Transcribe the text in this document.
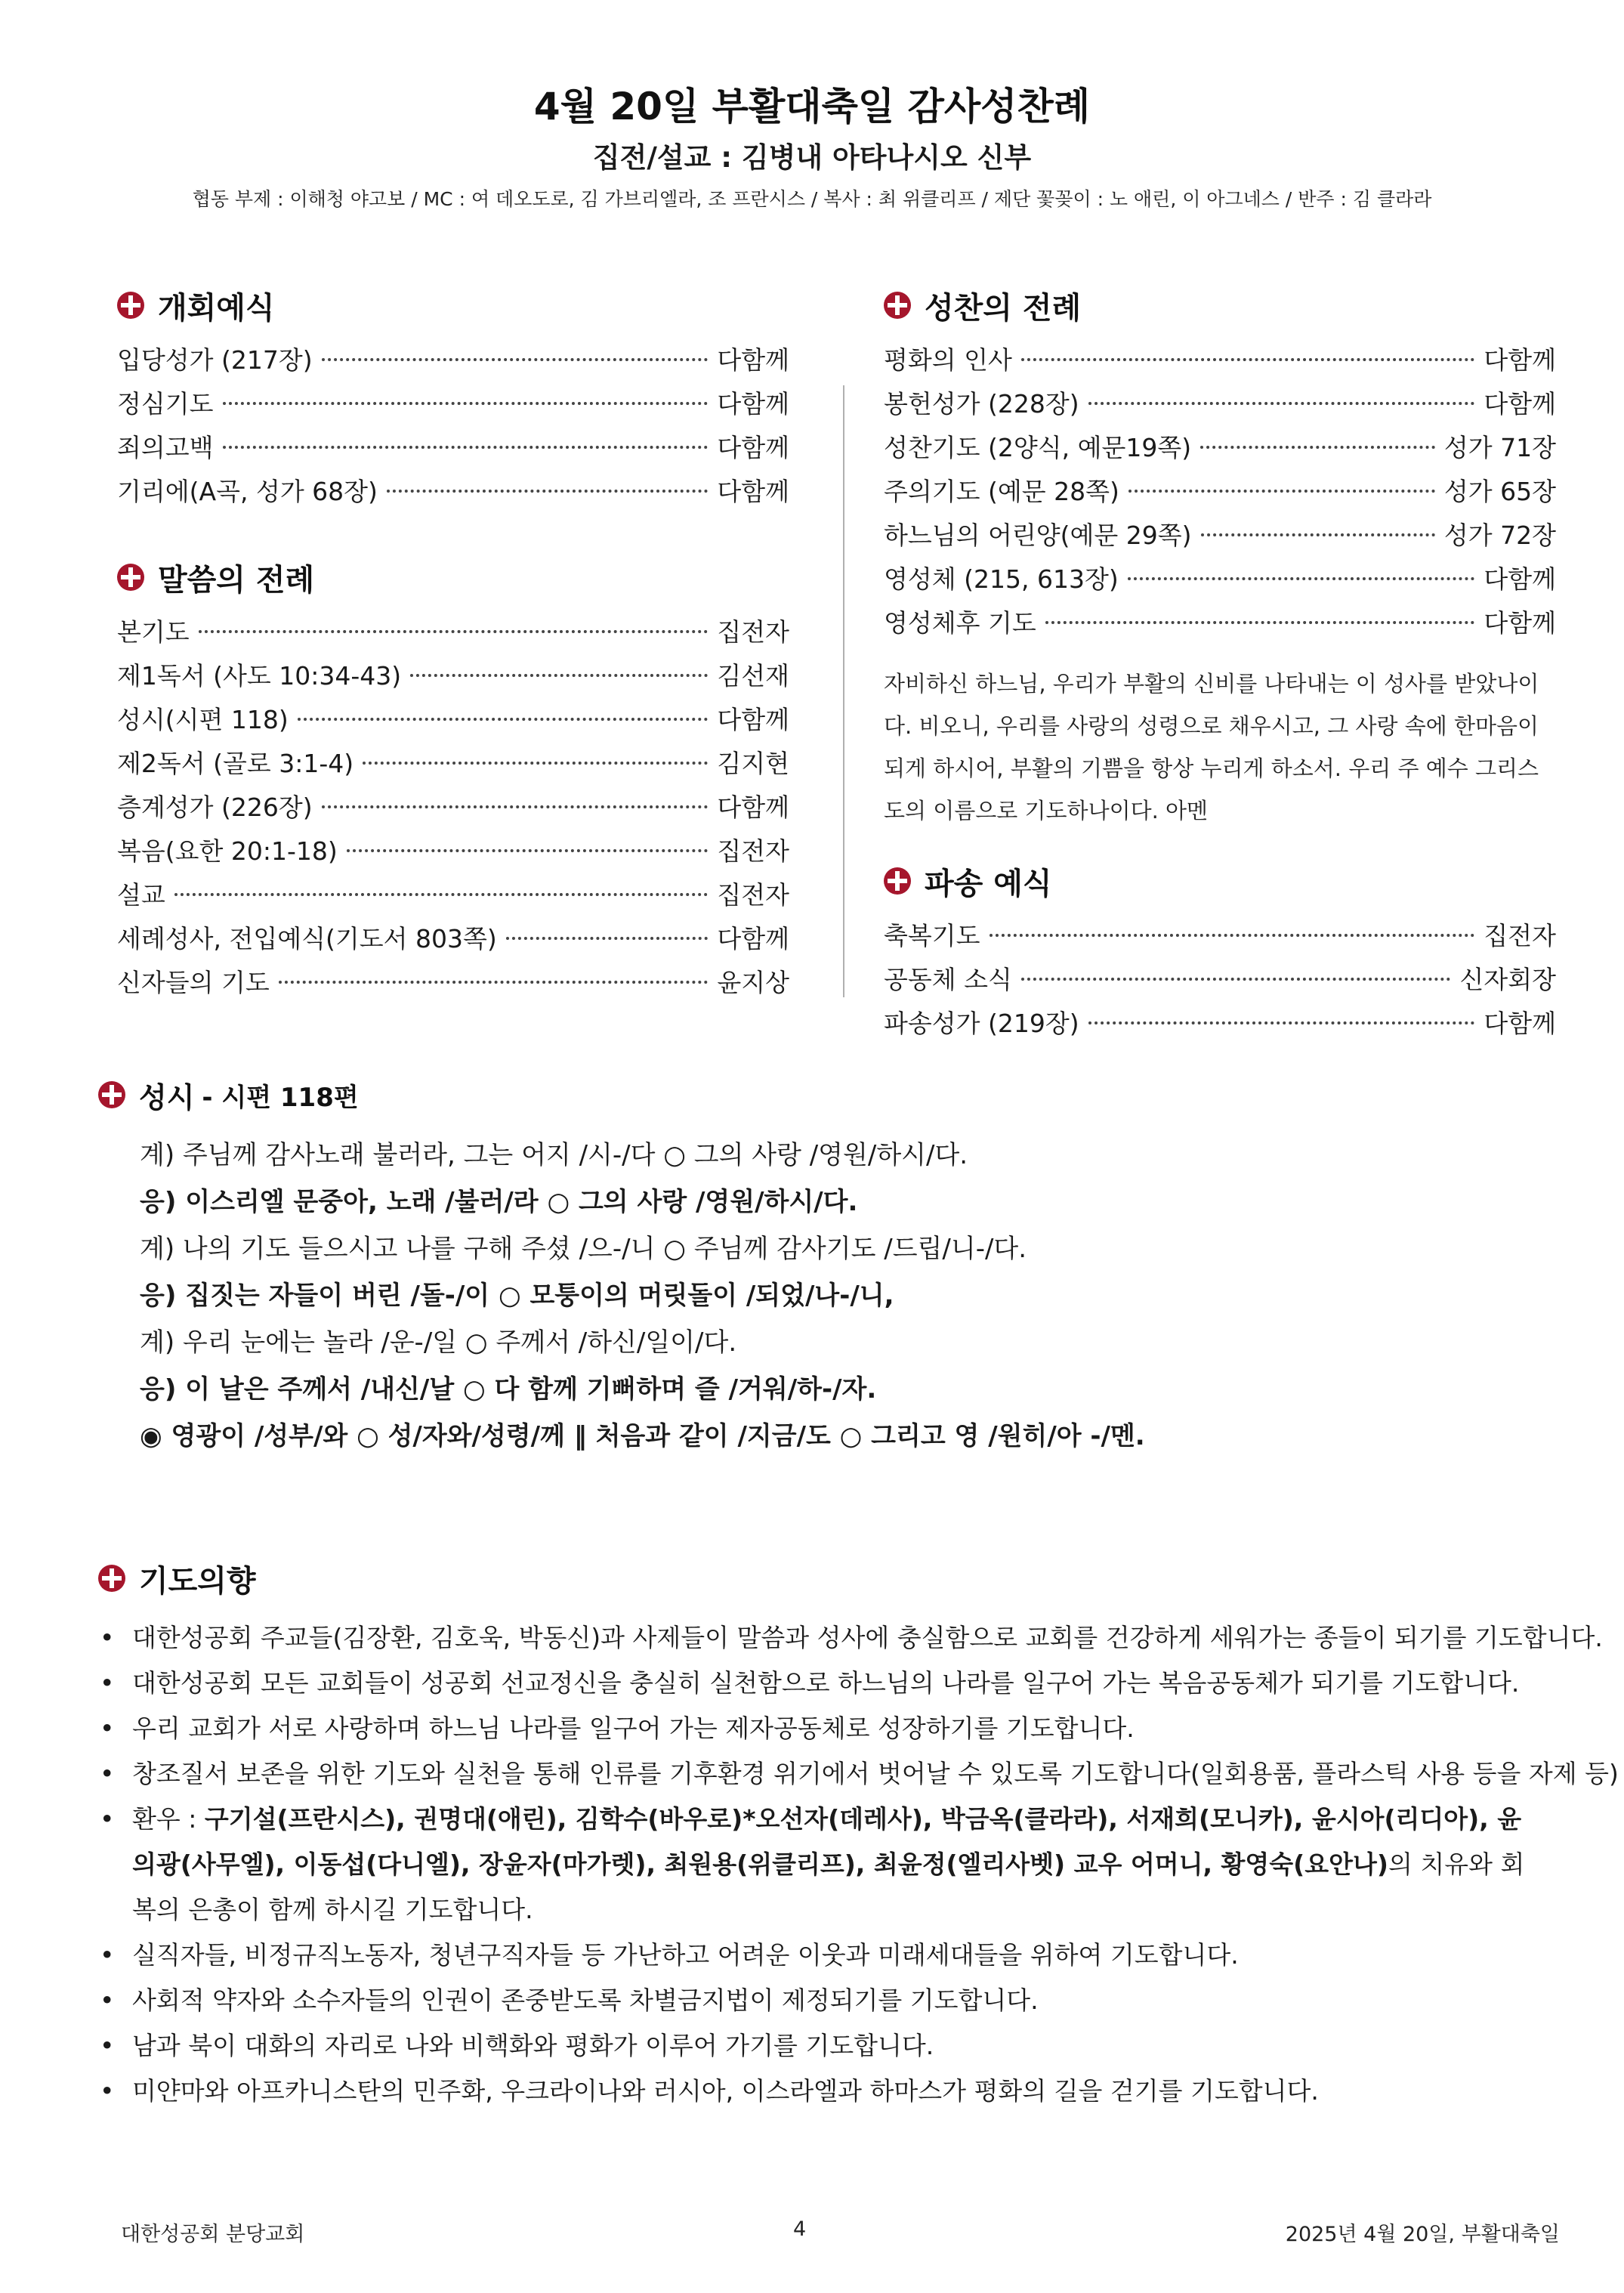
4월 20일 부활대축일 감사성찬례
집전/설교 : 김병내 아타나시오 신부
협동 부제 : 이해청 야고보 / MC : 여 데오도로, 김 가브리엘라, 조 프란시스 / 복사 : 최 위클리프 / 제단 꽃꽂이 : 노 애린, 이 아그네스 / 반주 : 김 클라라
개회예식
입당성가 (217장)	다함께
정심기도	다함께
죄의고백	다함께
기리에(A곡, 성가 68장)	다함께
말씀의 전례
본기도	집전자
제1독서 (사도 10:34-43)	김선재
성시(시편 118)	다함께
제2독서 (골로 3:1-4)	김지현
층계성가 (226장)	다함께
복음(요한 20:1-18)	집전자
설교	집전자
세례성사, 전입예식(기도서 803쪽)	다함께
신자들의 기도	윤지상
성찬의 전례
평화의 인사	다함께
봉헌성가 (228장)	다함께
성찬기도 (2양식, 예문19쪽)	성가 71장
주의기도 (예문 28쪽)	성가 65장
하느님의 어린양(예문 29쪽)	성가 72장
영성체 (215, 613장)	다함께
영성체후 기도	다함께
자비하신 하느님, 우리가 부활의 신비를 나타내는 이 성사를 받았나이다. 비오니, 우리를 사랑의 성령으로 채우시고, 그 사랑 속에 한마음이 되게 하시어, 부활의 기쁨을 항상 누리게 하소서. 우리 주 예수 그리스도의 이름으로 기도하나이다. 아멘
파송 예식
축복기도	집전자
공동체 소식	신자회장
파송성가 (219장)	다함께
성시 - 시편 118편
계) 주님께 감사노래 불러라, 그는 어지 /시-/다 ○ 그의 사랑 /영원/하시/다.
응) 이스리엘 문중아, 노래 /불러/라 ○ 그의 사랑 /영원/하시/다.
계) 나의 기도 들으시고 나를 구해 주셨 /으-/니 ○ 주님께 감사기도 /드립/니-/다.
응) 집짓는 자들이 버린 /돌-/이 ○ 모퉁이의 머릿돌이 /되었/나-/니,
계) 우리 눈에는 놀라 /운-/일 ○ 주께서 /하신/일이/다.
응) 이 날은 주께서 /내신/날 ○ 다 함께 기뻐하며 즐 /거워/하-/자.
◉ 영광이 /성부/와 ○ 성/자와/성령/께 ‖ 처음과 같이 /지금/도 ○ 그리고 영 /원히/아 -/멘.
기도의향
• 대한성공회 주교들(김장환, 김호욱, 박동신)과 사제들이 말씀과 성사에 충실함으로 교회를 건강하게 세워가는 종들이 되기를 기도합니다.
• 대한성공회 모든 교회들이 성공회 선교정신을 충실히 실천함으로 하느님의 나라를 일구어 가는 복음공동체가 되기를 기도합니다.
• 우리 교회가 서로 사랑하며 하느님 나라를 일구어 가는 제자공동체로 성장하기를 기도합니다.
• 창조질서 보존을 위한 기도와 실천을 통해 인류를 기후환경 위기에서 벗어날 수 있도록 기도합니다(일회용품, 플라스틱 사용 등을 자제 등)
• 환우 : 구기설(프란시스), 권명대(애린), 김학수(바우로)*오선자(데레사), 박금옥(클라라), 서재희(모니카), 윤시아(리디아), 윤의광(사무엘), 이동섭(다니엘), 장윤자(마가렛), 최원용(위클리프), 최윤정(엘리사벳) 교우 어머니, 황영숙(요안나)의 치유와 회복의 은총이 함께 하시길 기도합니다.
• 실직자들, 비정규직노동자, 청년구직자들 등 가난하고 어려운 이웃과 미래세대들을 위하여 기도합니다.
• 사회적 약자와 소수자들의 인권이 존중받도록 차별금지법이 제정되기를 기도합니다.
• 남과 북이 대화의 자리로 나와 비핵화와 평화가 이루어 가기를 기도합니다.
• 미얀마와 아프카니스탄의 민주화, 우크라이나와 러시아, 이스라엘과 하마스가 평화의 길을 걷기를 기도합니다.
대한성공회 분당교회	4	2025년 4월 20일, 부활대축일
